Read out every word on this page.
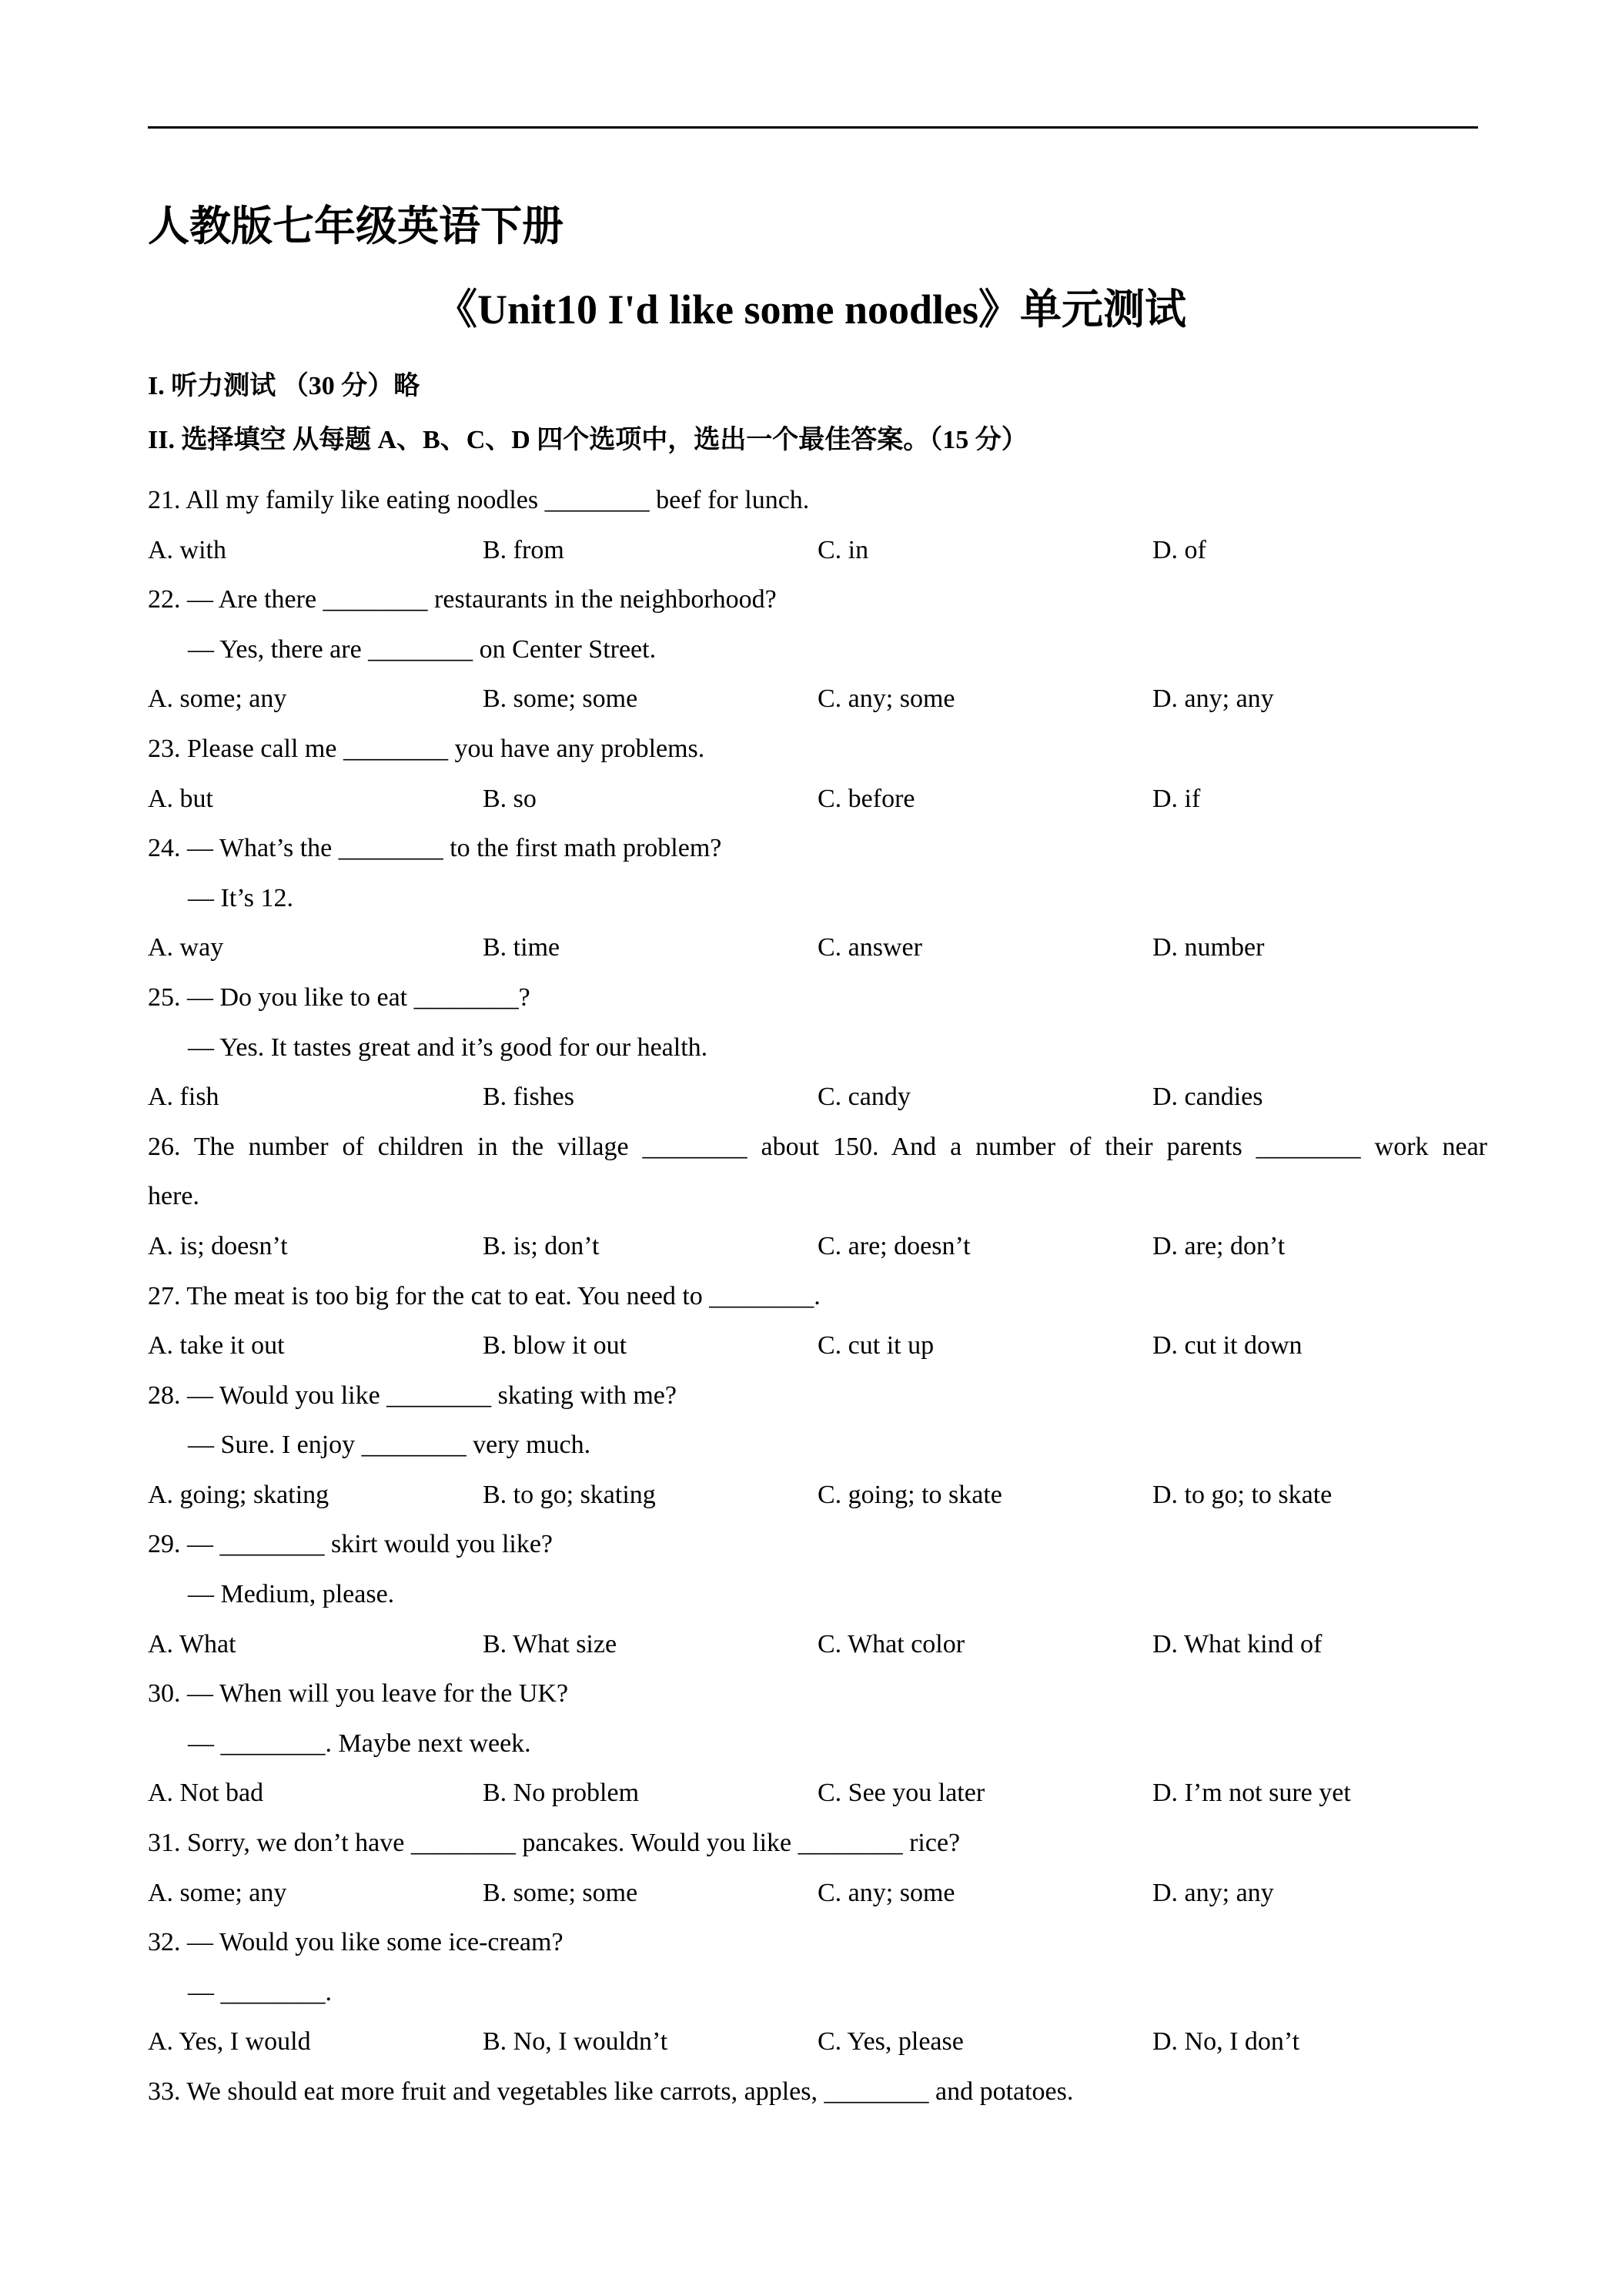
人教版七年级英语下册
《Unit10 I'd like some noodles》单元测试
I. 听力测试 （30 分）略
II. 选择填空 从每题 A、B、C、D 四个选项中，选出一个最佳答案。（15 分）
21. All my family like eating noodles ________ beef for lunch.
A. with	B. from	C. in	D. of
22. — Are there ________ restaurants in the neighborhood?
— Yes, there are ________ on Center Street.
A. some; any	B. some; some	C. any; some	D. any; any
23. Please call me ________ you have any problems.
A. but	B. so	C. before	D. if
24. — What’s the ________ to the first math problem?
— It’s 12.
A. way	B. time	C. answer	D. number
25. — Do you like to eat ________?
— Yes. It tastes great and it’s good for our health.
A. fish	B. fishes	C. candy	D. candies
26. The number of children in the village ________ about 150. And a number of their parents ________ work near
here.
A. is; doesn’t	B. is; don’t	C. are; doesn’t	D. are; don’t
27. The meat is too big for the cat to eat. You need to ________.
A. take it out	B. blow it out	C. cut it up	D. cut it down
28. — Would you like ________ skating with me?
— Sure. I enjoy ________ very much.
A. going; skating	B. to go; skating	C. going; to skate	D. to go; to skate
29. — ________ skirt would you like?
— Medium, please.
A. What	B. What size	C. What color	D. What kind of
30. — When will you leave for the UK?
— ________. Maybe next week.
A. Not bad	B. No problem	C. See you later	D. I’m not sure yet
31. Sorry, we don’t have ________ pancakes. Would you like ________ rice?
A. some; any	B. some; some	C. any; some	D. any; any
32. — Would you like some ice-cream?
— ________.
A. Yes, I would	B. No, I wouldn’t	C. Yes, please	D. No, I don’t
33. We should eat more fruit and vegetables like carrots, apples, ________ and potatoes.
